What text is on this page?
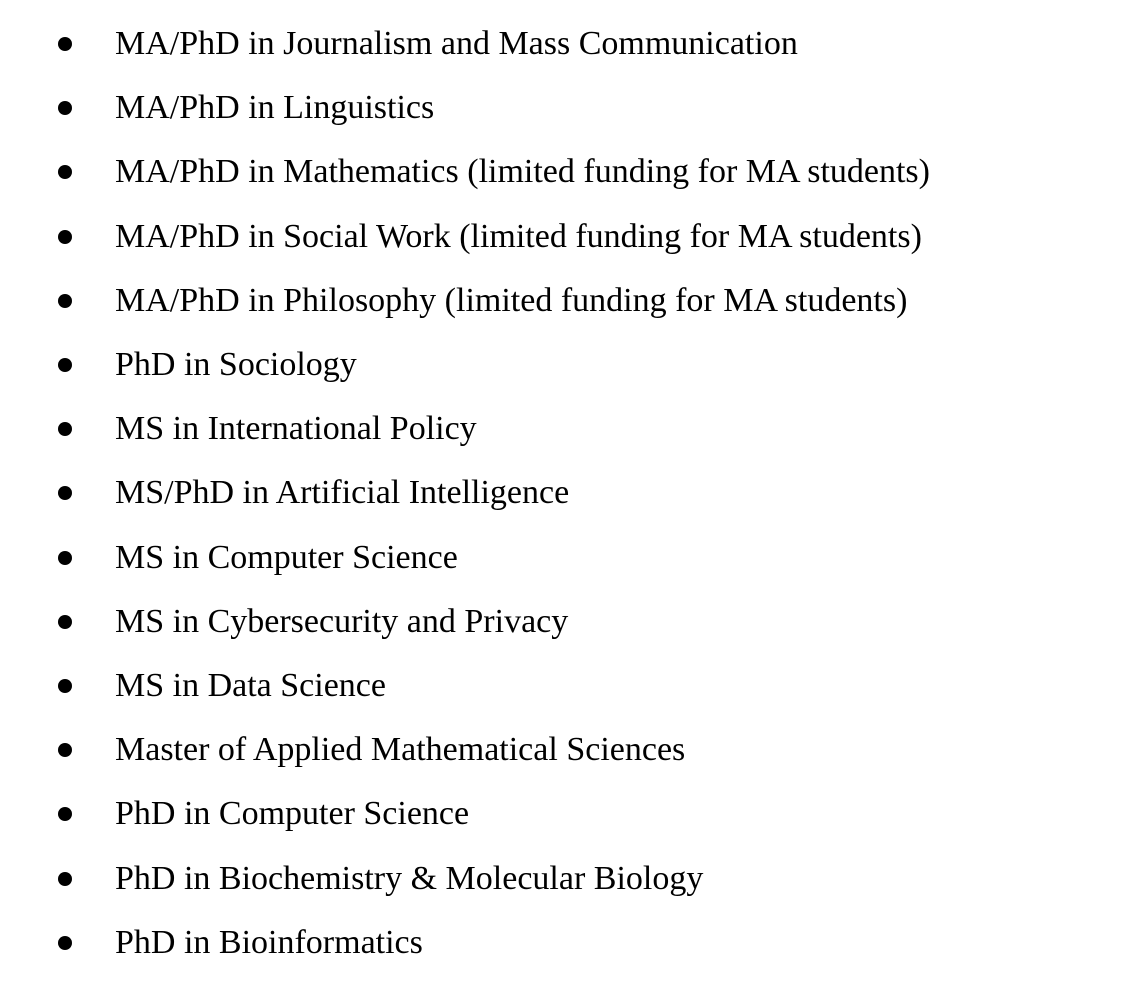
MA/PhD in Journalism and Mass Communication
MA/PhD in Linguistics
MA/PhD in Mathematics (limited funding for MA students)
MA/PhD in Social Work (limited funding for MA students)
MA/PhD in Philosophy (limited funding for MA students)
PhD in Sociology
MS in International Policy
MS/PhD in Artificial Intelligence
MS in Computer Science
MS in Cybersecurity and Privacy
MS in Data Science
Master of Applied Mathematical Sciences
PhD in Computer Science
PhD in Biochemistry & Molecular Biology
PhD in Bioinformatics
